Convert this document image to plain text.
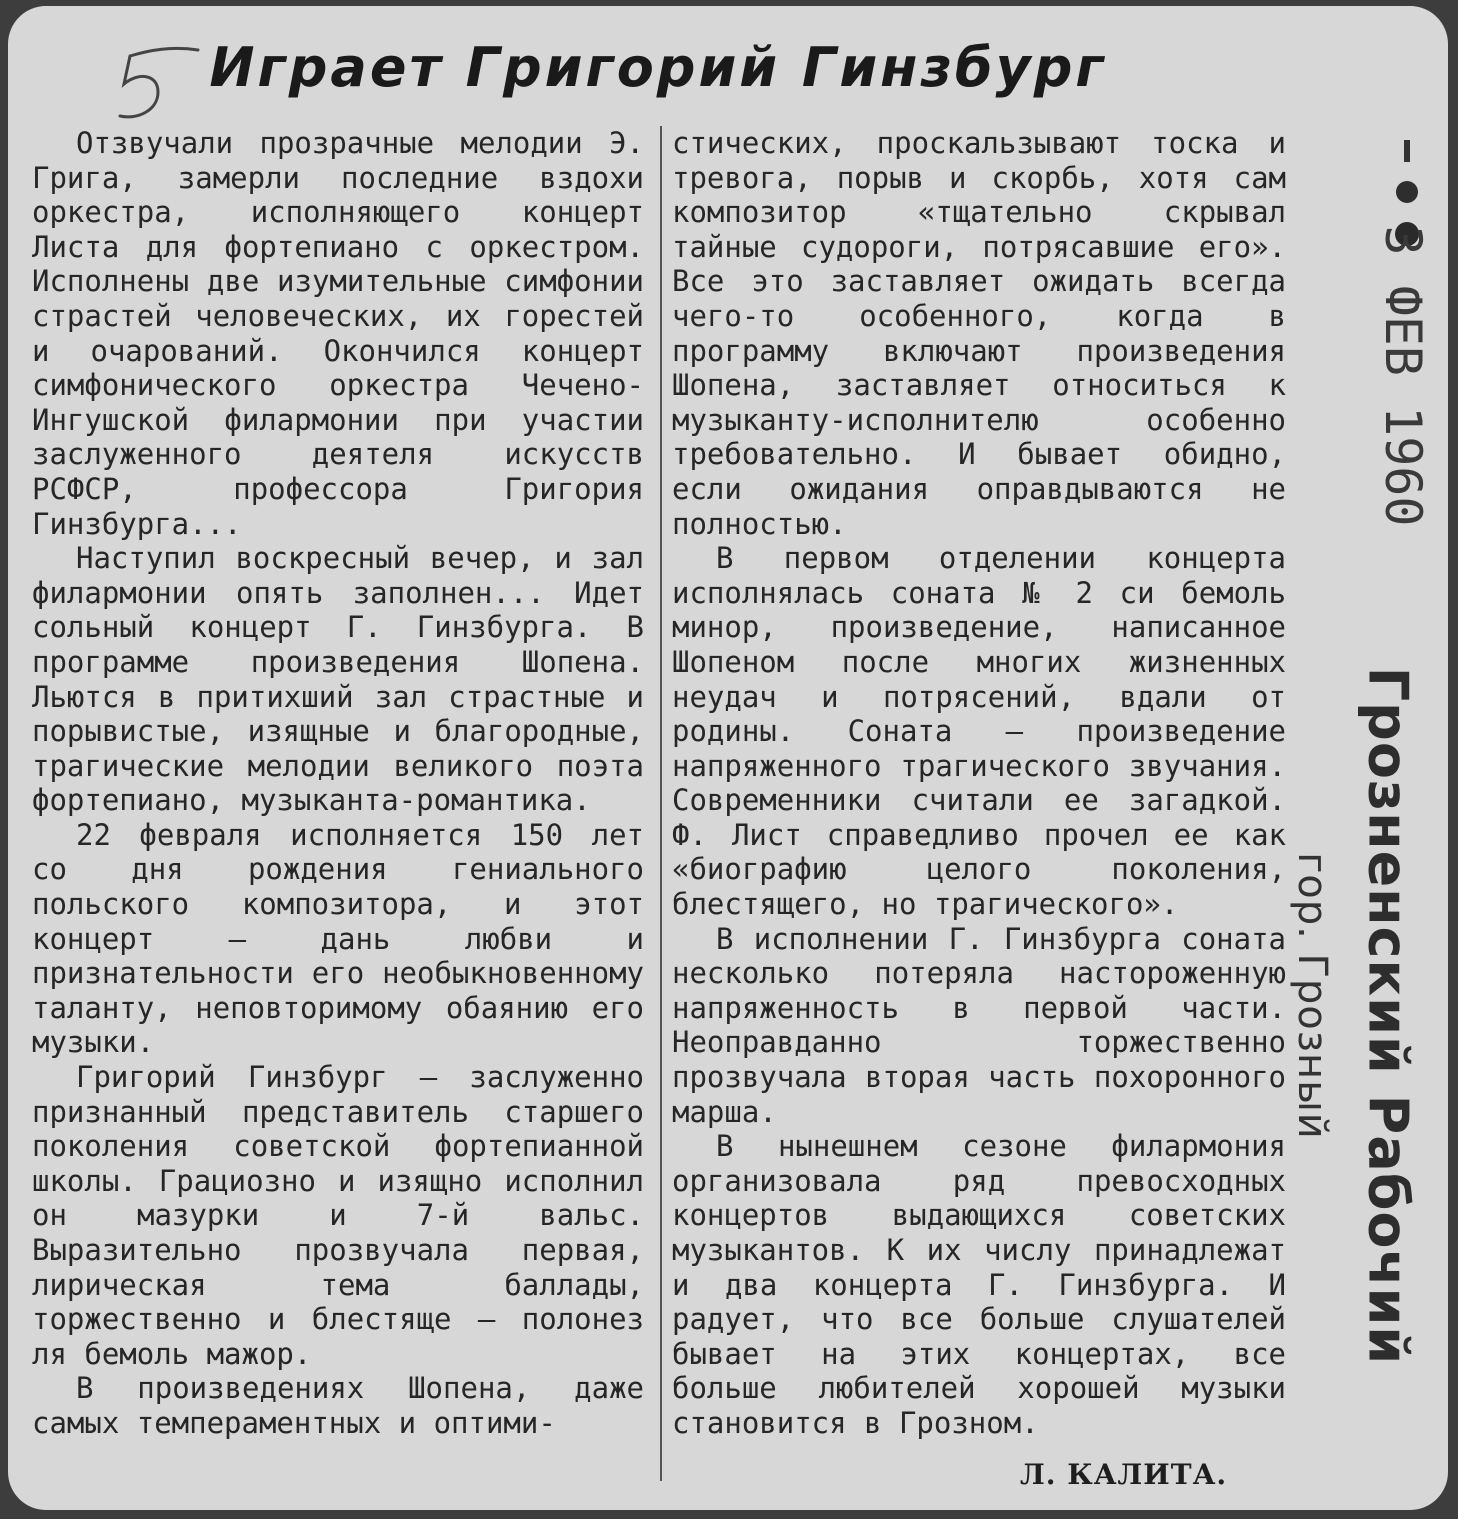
Играет Григорий Гинзбург

Отзвучали прозрачные мелодии Э. Грига, замерли последние вздохи оркестра, исполняющего концерт Листа для фортепиано с оркестром. Исполнены две изумительные симфонии страстей человеческих, их горестей и очарований. Окончился концерт симфонического оркестра Чечено-Ингушской филармонии при участии заслуженного деятеля искусств РСФСР, профессора Григория Гинзбурга...

Наступил воскресный вечер, и зал филармонии опять заполнен... Идет сольный концерт Г. Гинзбурга. В программе произведения Шопена. Льются в притихший зал страстные и порывистые, изящные и благородные, трагические мелодии великого поэта фортепиано, музыканта-романтика.

22 февраля исполняется 150 лет со дня рождения гениального польского композитора, и этот концерт — дань любви и признательности его необыкновенному таланту, неповторимому обаянию его музыки.

Григорий Гинзбург — заслуженно признанный представитель старшего поколения советской фортепианной школы. Грациозно и изящно исполнил он мазурки и 7-й вальс. Выразительно прозвучала первая, лирическая тема баллады, торжественно и блестяще — полонез ля бемоль мажор.

В произведениях Шопена, даже самых темпераментных и оптими-

стических, проскальзывают тоска и тревога, порыв и скорбь, хотя сам композитор «тщательно скрывал тайные судороги, потрясавшие его». Все это заставляет ожидать всегда чего-то особенного, когда в программу включают произведения Шопена, заставляет относиться к музыканту-исполнителю особенно требовательно. И бывает обидно, если ожидания оправдываются не полностью.

В первом отделении концерта исполнялась соната № 2 си бемоль минор, произведение, написанное Шопеном после многих жизненных неудач и потрясений, вдали от родины. Соната — произведение напряженного трагического звучания. Современники считали ее загадкой. Ф. Лист справедливо прочел ее как «биографию целого поколения, блестящего, но трагического».

В исполнении Г. Гинзбурга соната несколько потеряла настороженную напряженность в первой части. Неоправданно торжественно прозвучала вторая часть похоронного марша.

В нынешнем сезоне филармония организовала ряд превосходных концертов выдающихся советских музыкантов. К их числу принадлежат и два концерта Г. Гинзбурга. И радует, что все больше слушателей бывает на этих концертах, все больше любителей хорошей музыки становится в Грозном.

Л. КАЛИТА.
3 ФЕВ 1960
Грозненский Рабочий
гор. Грозный
